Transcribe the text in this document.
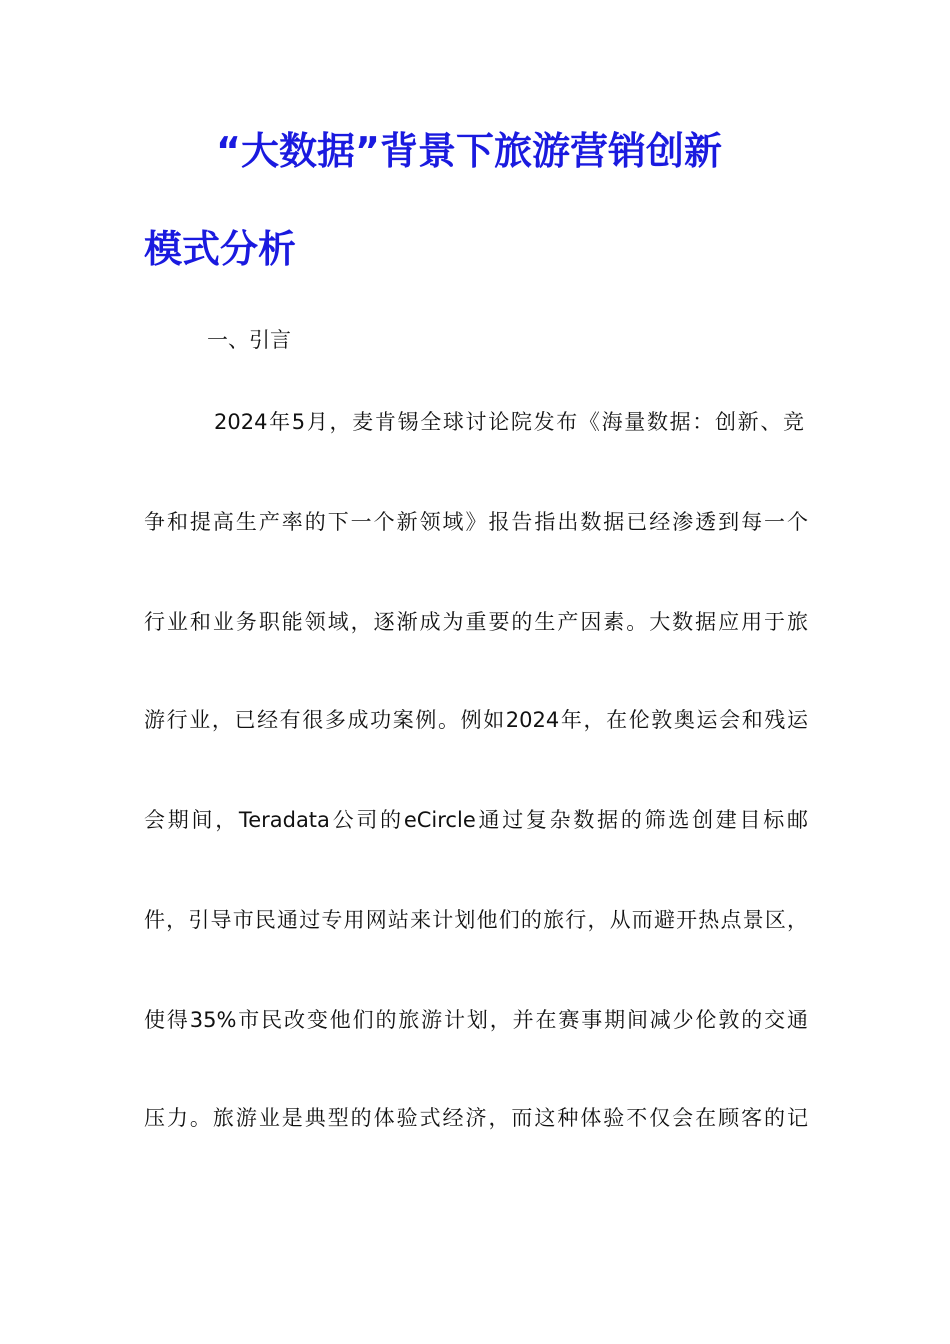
“大数据”背景下旅游营销创新
模式分析
一、引言
2024年5月，麦肯锡全球讨论院发布《海量数据：创新、竞
争和提高生产率的下一个新领域》报告指出数据已经渗透到每一个
行业和业务职能领域，逐渐成为重要的生产因素。大数据应用于旅
游行业，已经有很多成功案例。例如2024年，在伦敦奥运会和残运
会期间，Teradata公司的eCircle通过复杂数据的筛选创建目标邮
件，引导市民通过专用网站来计划他们的旅行，从而避开热点景区，
使得35%市民改变他们的旅游计划，并在赛事期间减少伦敦的交通
压力。旅游业是典型的体验式经济，而这种体验不仅会在顾客的记
